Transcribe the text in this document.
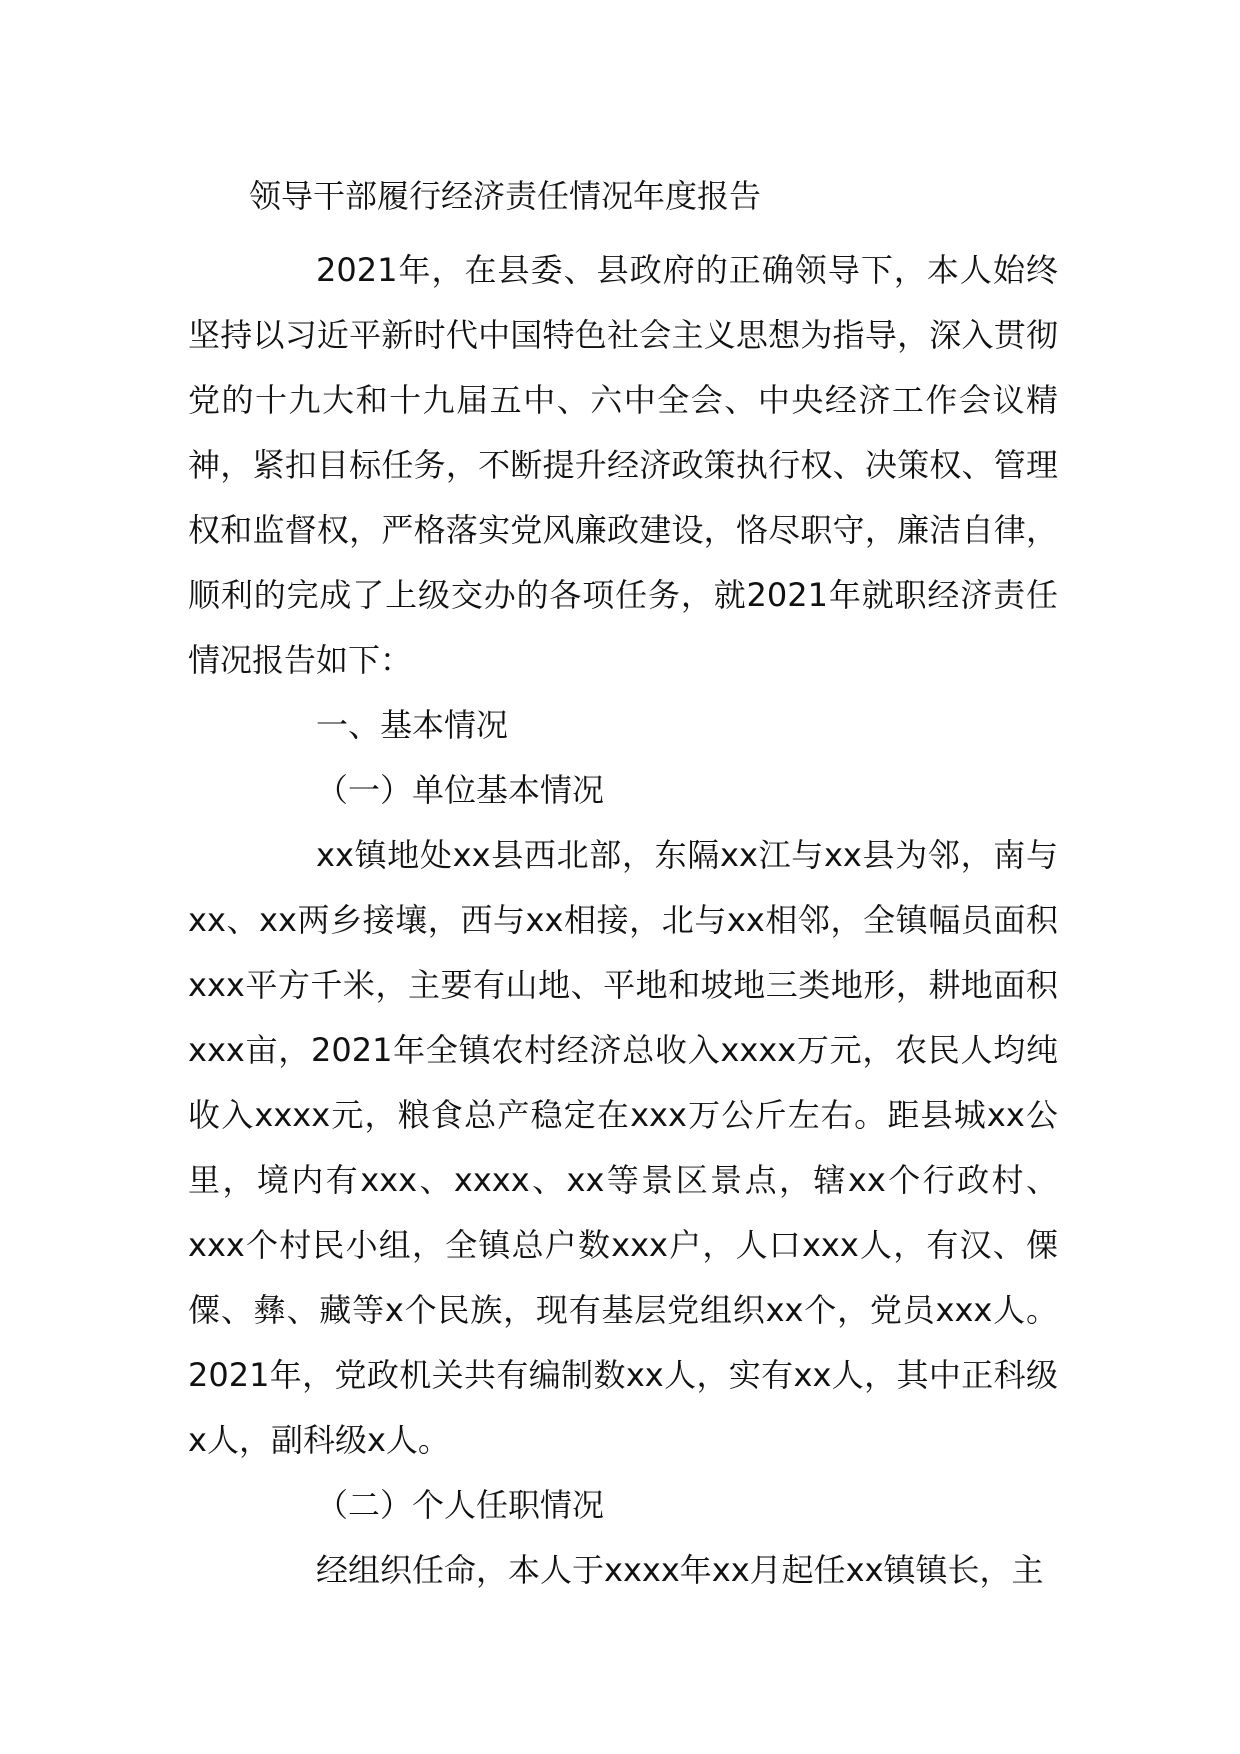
领导干部履行经济责任情况年度报告

2021年，在县委、县政府的正确领导下，本人始终坚持以习近平新时代中国特色社会主义思想为指导，深入贯彻党的十九大和十九届五中、六中全会、中央经济工作会议精神，紧扣目标任务，不断提升经济政策执行权、决策权、管理权和监督权，严格落实党风廉政建设，恪尽职守，廉洁自律，顺利的完成了上级交办的各项任务，就2021年就职经济责任情况报告如下：

一、基本情况

（一）单位基本情况

xx镇地处xx县西北部，东隔xx江与xx县为邻，南与xx、xx两乡接壤，西与xx相接，北与xx相邻，全镇幅员面积xxx平方千米，主要有山地、平地和坡地三类地形，耕地面积xxx亩，2021年全镇农村经济总收入xxxx万元，农民人均纯收入xxxx元，粮食总产稳定在xxx万公斤左右。距县城xx公里，境内有xxx、xxxx、xx等景区景点，辖xx个行政村、xxx个村民小组，全镇总户数xxx户，人口xxx人，有汉、傈僳、彝、藏等x个民族，现有基层党组织xx个，党员xxx人。2021年，党政机关共有编制数xx人，实有xx人，其中正科级x人，副科级x人。

（二）个人任职情况

经组织任命，本人于xxxx年xx月起任xx镇镇长，主
